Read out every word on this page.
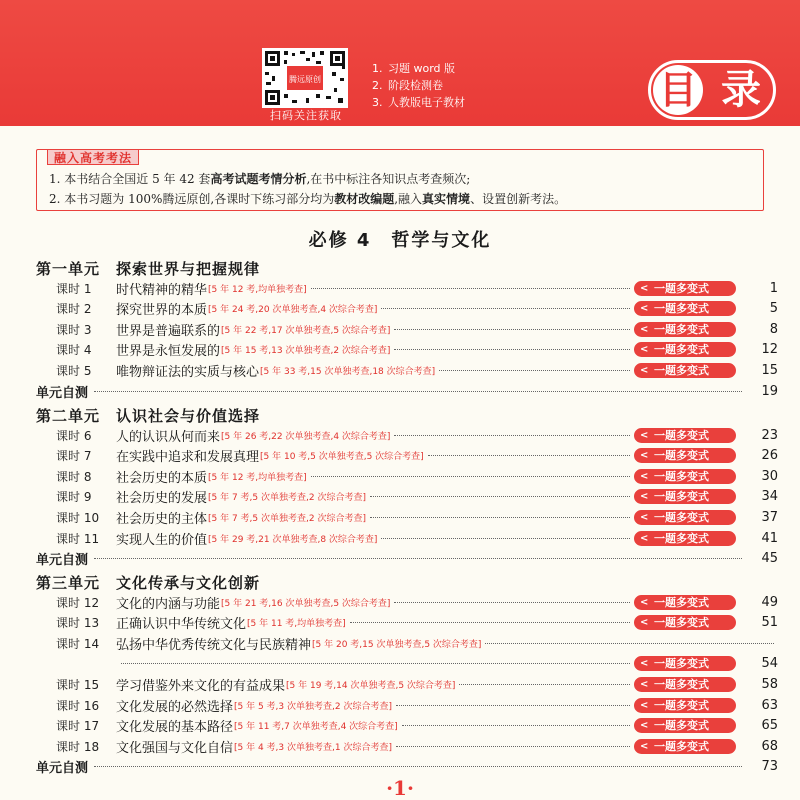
腾远原创
扫码关注获取
1. 习题 word 版
2. 阶段检测卷
3. 人教版电子教材	目 录
融入高考考法
1. 本书结合全国近 5 年 42 套高考试题考情分析,在书中标注各知识点考查频次;
2. 本书习题为 100%腾远原创,各课时下练习部分均为教材改编题,融入真实情境、设置创新考法。
必修 4　哲学与文化
第一单元 探索世界与把握规律
课时 1	时代精神的精华 [5 年 12 考,均单独考查]	< 一题多变式	1
课时 2	探究世界的本质 [5 年 24 考,20 次单独考查,4 次综合考查]	< 一题多变式	5
课时 3	世界是普遍联系的 [5 年 22 考,17 次单独考查,5 次综合考查]	< 一题多变式	8
课时 4	世界是永恒发展的 [5 年 15 考,13 次单独考查,2 次综合考查]	< 一题多变式	12
课时 5	唯物辩证法的实质与核心 [5 年 33 考,15 次单独考查,18 次综合考查]	< 一题多变式	15
单元自测	19
第二单元 认识社会与价值选择
课时 6	人的认识从何而来 [5 年 26 考,22 次单独考查,4 次综合考查]	< 一题多变式	23
课时 7	在实践中追求和发展真理 [5 年 10 考,5 次单独考查,5 次综合考查]	< 一题多变式	26
课时 8	社会历史的本质 [5 年 12 考,均单独考查]	< 一题多变式	30
课时 9	社会历史的发展 [5 年 7 考,5 次单独考查,2 次综合考查]	< 一题多变式	34
课时 10	社会历史的主体 [5 年 7 考,5 次单独考查,2 次综合考查]	< 一题多变式	37
课时 11	实现人生的价值 [5 年 29 考,21 次单独考查,8 次综合考查]	< 一题多变式	41
单元自测	45
第三单元 文化传承与文化创新
课时 12	文化的内涵与功能 [5 年 21 考,16 次单独考查,5 次综合考查]	< 一题多变式	49
课时 13	正确认识中华传统文化 [5 年 11 考,均单独考查]	< 一题多变式	51
课时 14	弘扬中华优秀传统文化与民族精神 [5 年 20 考,15 次单独考查,5 次综合考查]
< 一题多变式	54
课时 15	学习借鉴外来文化的有益成果 [5 年 19 考,14 次单独考查,5 次综合考查]	< 一题多变式	58
课时 16	文化发展的必然选择 [5 年 5 考,3 次单独考查,2 次综合考查]	< 一题多变式	63
课时 17	文化发展的基本路径 [5 年 11 考,7 次单独考查,4 次综合考查]	< 一题多变式	65
课时 18	文化强国与文化自信 [5 年 4 考,3 次单独考查,1 次综合考查]	< 一题多变式	68
单元自测	73
·1·
